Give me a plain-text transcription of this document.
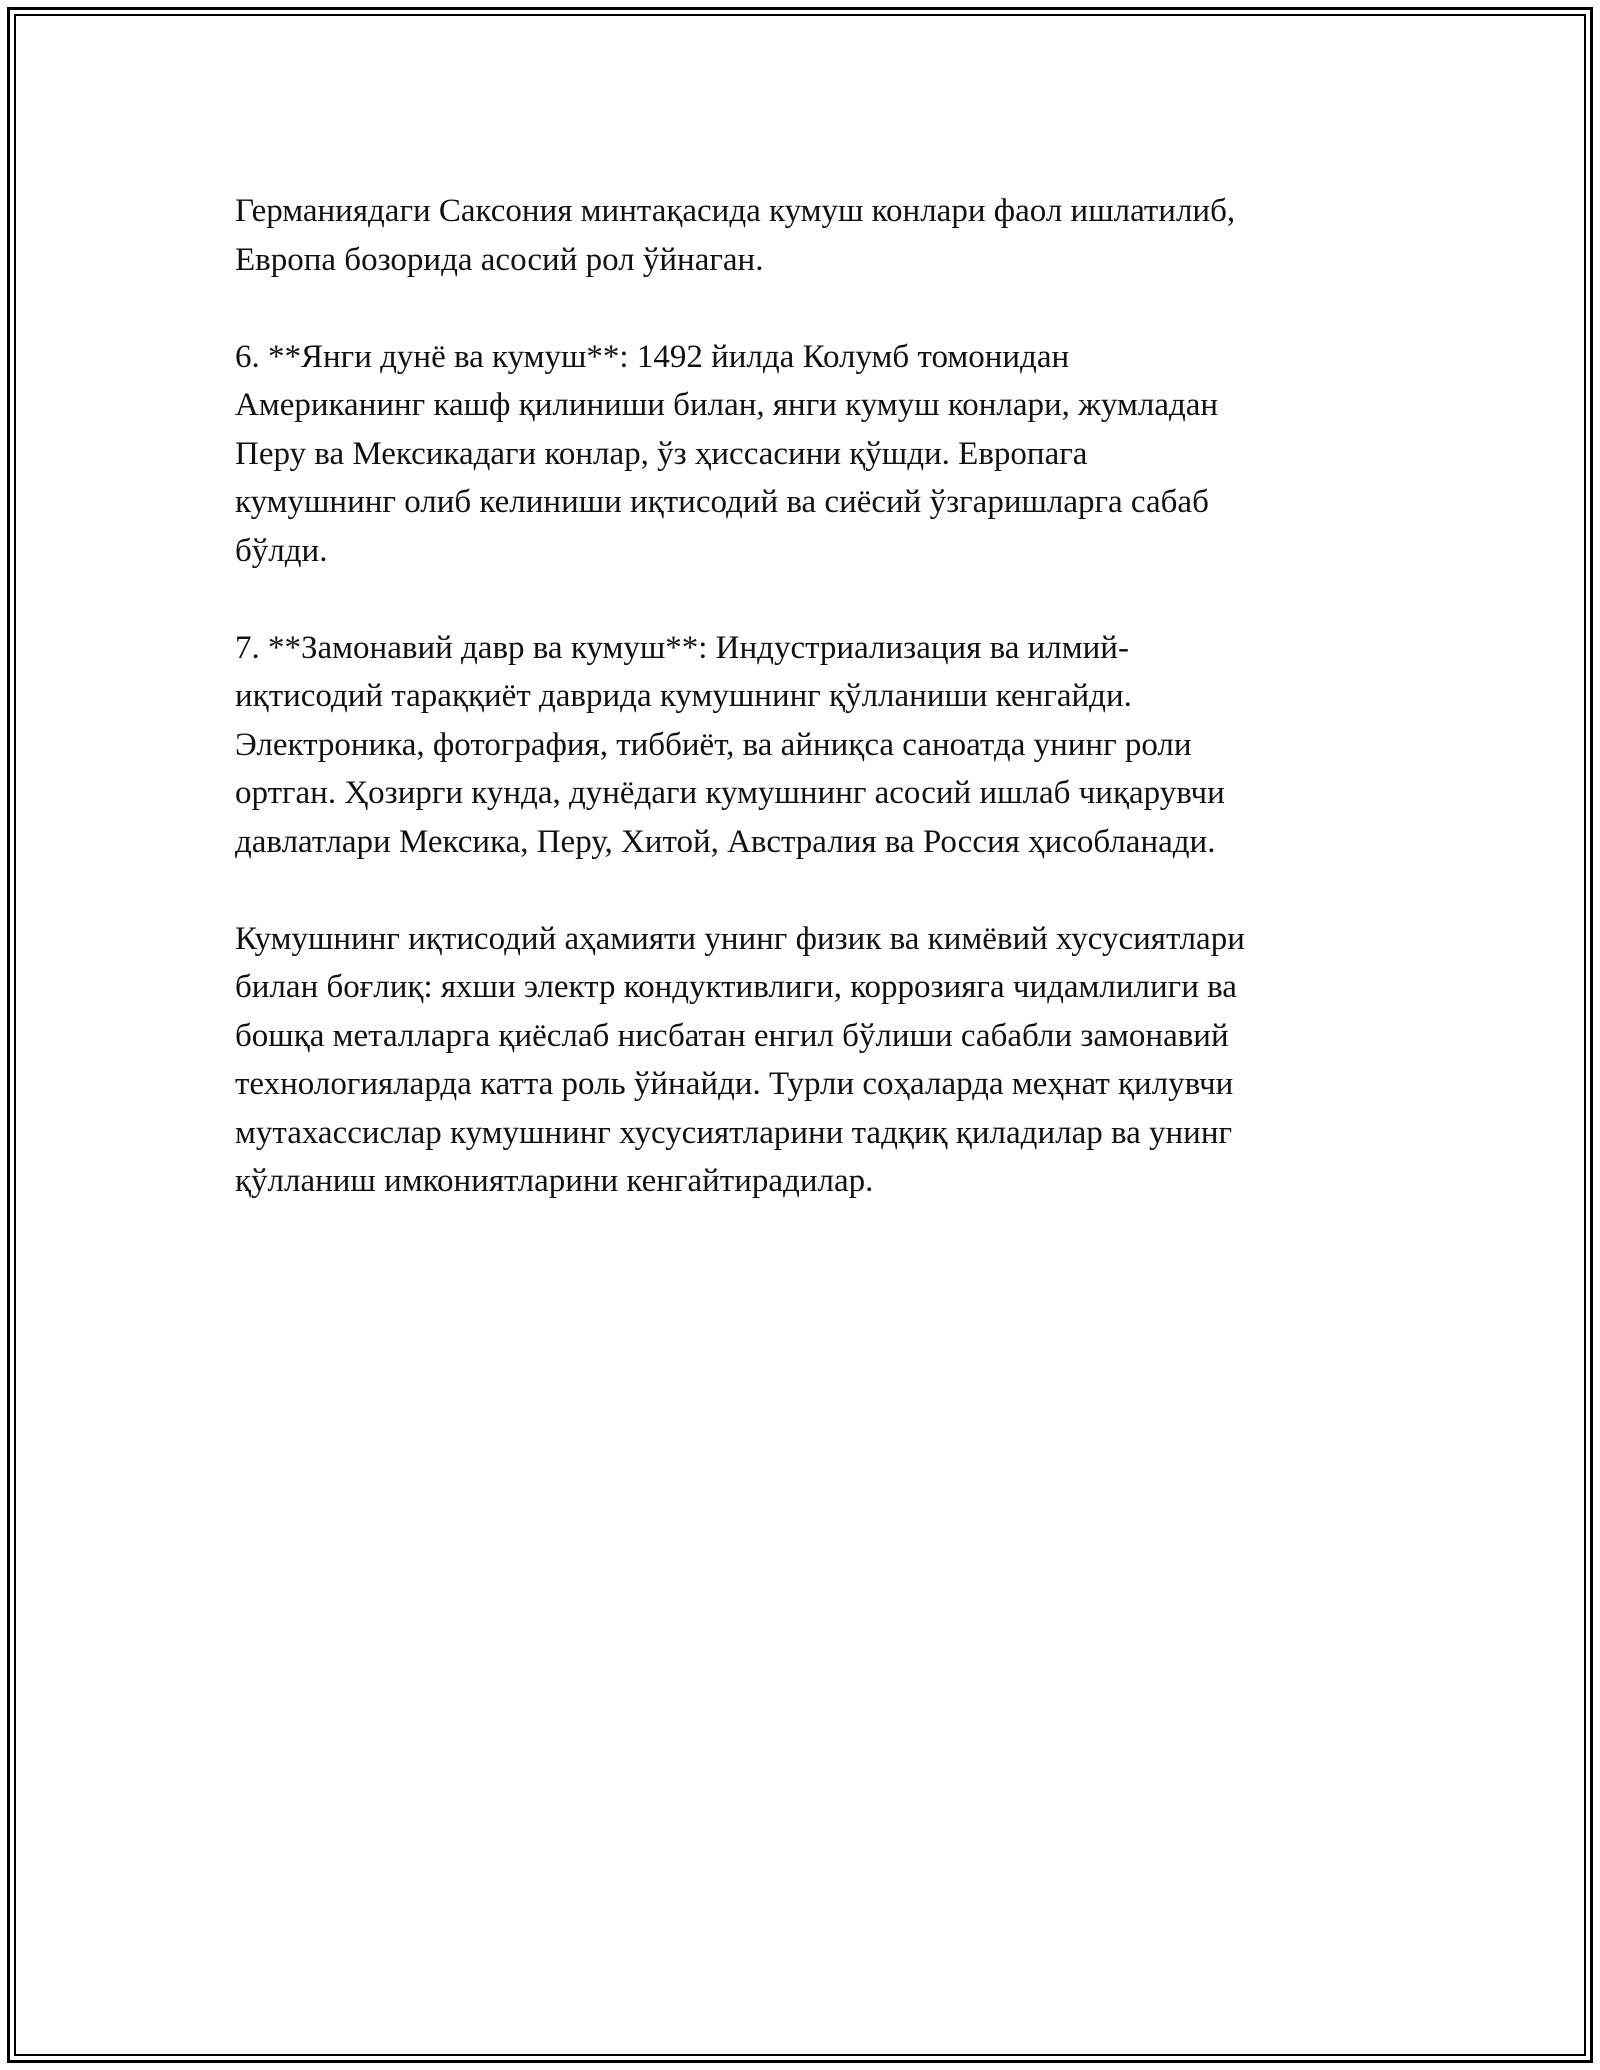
Германиядаги Саксония минтақасида кумуш конлари фаол ишлатилиб,
Европа бозорида асосий рол ўйнаган.

6. **Янги дунё ва кумуш**: 1492 йилда Колумб томонидан
Американинг кашф қилиниши билан, янги кумуш конлари, жумладан
Перу ва Мексикадаги конлар, ўз ҳиссасини қўшди. Европага
кумушнинг олиб келиниши иқтисодий ва сиёсий ўзгаришларга сабаб
бўлди.

7. **Замонавий давр ва кумуш**: Индустриализация ва илмий-
иқтисодий тараққиёт даврида кумушнинг қўлланиши кенгайди.
Электроника, фотография, тиббиёт, ва айниқса саноатда унинг роли
ортган. Ҳозирги кунда, дунёдаги кумушнинг асосий ишлаб чиқарувчи
давлатлари Мексика, Перу, Хитой, Австралия ва Россия ҳисобланади.

Кумушнинг иқтисодий аҳамияти унинг физик ва кимёвий хусусиятлари
билан боғлиқ: яхши электр кондуктивлиги, коррозияга чидамлилиги ва
бошқа металларга қиёслаб нисбатан енгил бўлиши сабабли замонавий
технологияларда катта роль ўйнайди. Турли соҳаларда меҳнат қилувчи
мутахассислар кумушнинг хусусиятларини тадқиқ қиладилар ва унинг
қўлланиш имкониятларини кенгайтирадилар.
